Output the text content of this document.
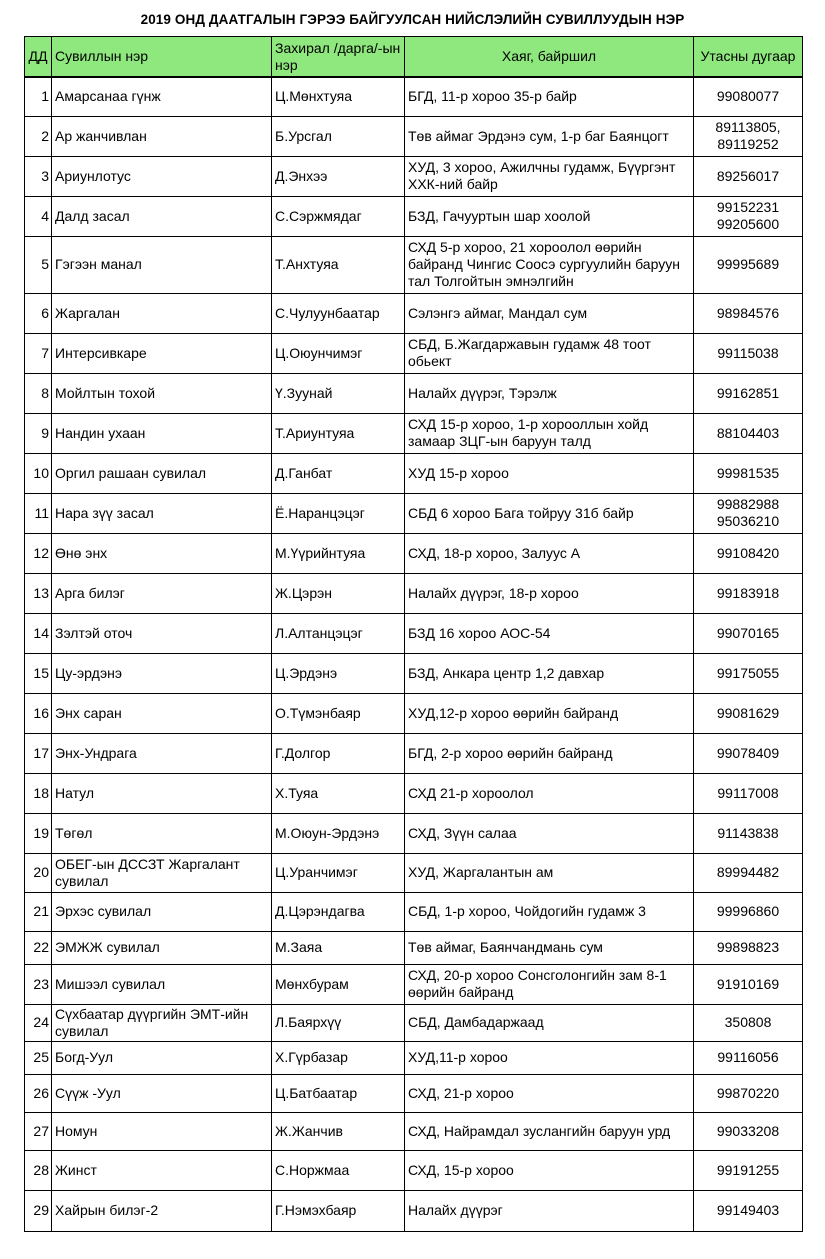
2019 ОНД ДААТГАЛЫН ГЭРЭЭ БАЙГУУЛСАН НИЙСЛЭЛИЙН СУВИЛЛУУДЫН НЭР
ДД	Сувиллын нэр	Захирал /дарга/-ын нэр	Хаяг, байршил	Утасны дугаар

1	Амарсанаа гүнж	Ц.Мөнхтуяа	БГД, 11-р хороо 35-р байр	99080077

2	Ар жанчивлан	Б.Урсгал	Төв аймаг Эрдэнэ сум, 1-р баг Баянцогт	89113805, 89119252

3	Ариунлотус	Д.Энхээ	ХУД, 3 хороо, Ажилчны гудамж, Бүүргэнт ХХК-ний байр	89256017

4	Далд засал	С.Сэржмядаг	БЗД, Гачууртын шар хоолой	99152231 99205600

5	Гэгээн манал	Т.Анхтуяа	СХД 5-р хороо, 21 хороолол өөрийн байранд Чингис Соосэ сургуулийн баруун тал Толгойтын эмнэлгийн	99995689

6	Жаргалан	С.Чулуунбаатар	Сэлэнгэ аймаг, Мандал сум	98984576

7	Интерсивкаре	Ц.Оюунчимэг	СБД, Б.Жагдаржавын гудамж 48 тоот обьект	99115038

8	Мойлтын тохой	Ү.Зуунай	Налайх дүүрэг, Тэрэлж	99162851

9	Нандин ухаан	Т.Ариунтуяа	СХД 15-р хороо, 1-р хорооллын хойд замаар ЗЦГ-ын баруун талд	88104403

10	Оргил рашаан сувилал	Д.Ганбат	ХУД 15-р хороо	99981535

11	Нара зүү засал	Ё.Наранцэцэг	СБД 6 хороо Бага тойруу 31б байр	99882988 95036210

12	Өнө энх	М.Үүрийнтуяа	СХД, 18-р хороо, Залуус А	99108420

13	Арга билэг	Ж.Цэрэн	Налайх дүүрэг, 18-р хороо	99183918

14	Зэлтэй оточ	Л.Алтанцэцэг	БЗД 16 хороо АОС-54	99070165

15	Цу-эрдэнэ	Ц.Эрдэнэ	БЗД, Анкара центр 1,2 давхар	99175055

16	Энх саран	О.Түмэнбаяр	ХУД,12-р хороо өөрийн байранд	99081629

17	Энх-Ундрага	Г.Долгор	БГД, 2-р хороо өөрийн байранд	99078409

18	Натул	Х.Туяа	СХД 21-р хороолол	99117008

19	Төгөл	М.Оюун-Эрдэнэ	СХД, Зүүн салаа	91143838

20	ОБЕГ-ын ДССЗТ Жаргалант сувилал	Ц.Уранчимэг	ХУД, Жаргалантын ам	89994482

21	Эрхэс сувилал	Д.Цэрэндагва	СБД, 1-р хороо, Чойдогийн гудамж 3	99996860

22	ЭМЖЖ сувилал	М.Заяа	Төв аймаг, Баянчандмань сум	99898823

23	Мишээл сувилал	Мөнхбурам	СХД, 20-р хороо Сонсголонгийн зам 8-1 өөрийн байранд	91910169

24	Сүхбаатар дүүргийн ЭМТ-ийн сувилал	Л.Баярхүү	СБД, Дамбадаржаад	350808

25	Богд-Уул	Х.Гүрбазар	ХУД,11-р хороо	99116056

26	Сүүж -Уул	Ц.Батбаатар	СХД, 21-р хороо	99870220

27	Номун	Ж.Жанчив	СХД, Найрамдал зуслангийн баруун урд	99033208

28	Жинст	С.Норжмаа	СХД, 15-р хороо	99191255

29	Хайрын билэг-2	Г.Нэмэхбаяр	Налайх дүүрэг	99149403
